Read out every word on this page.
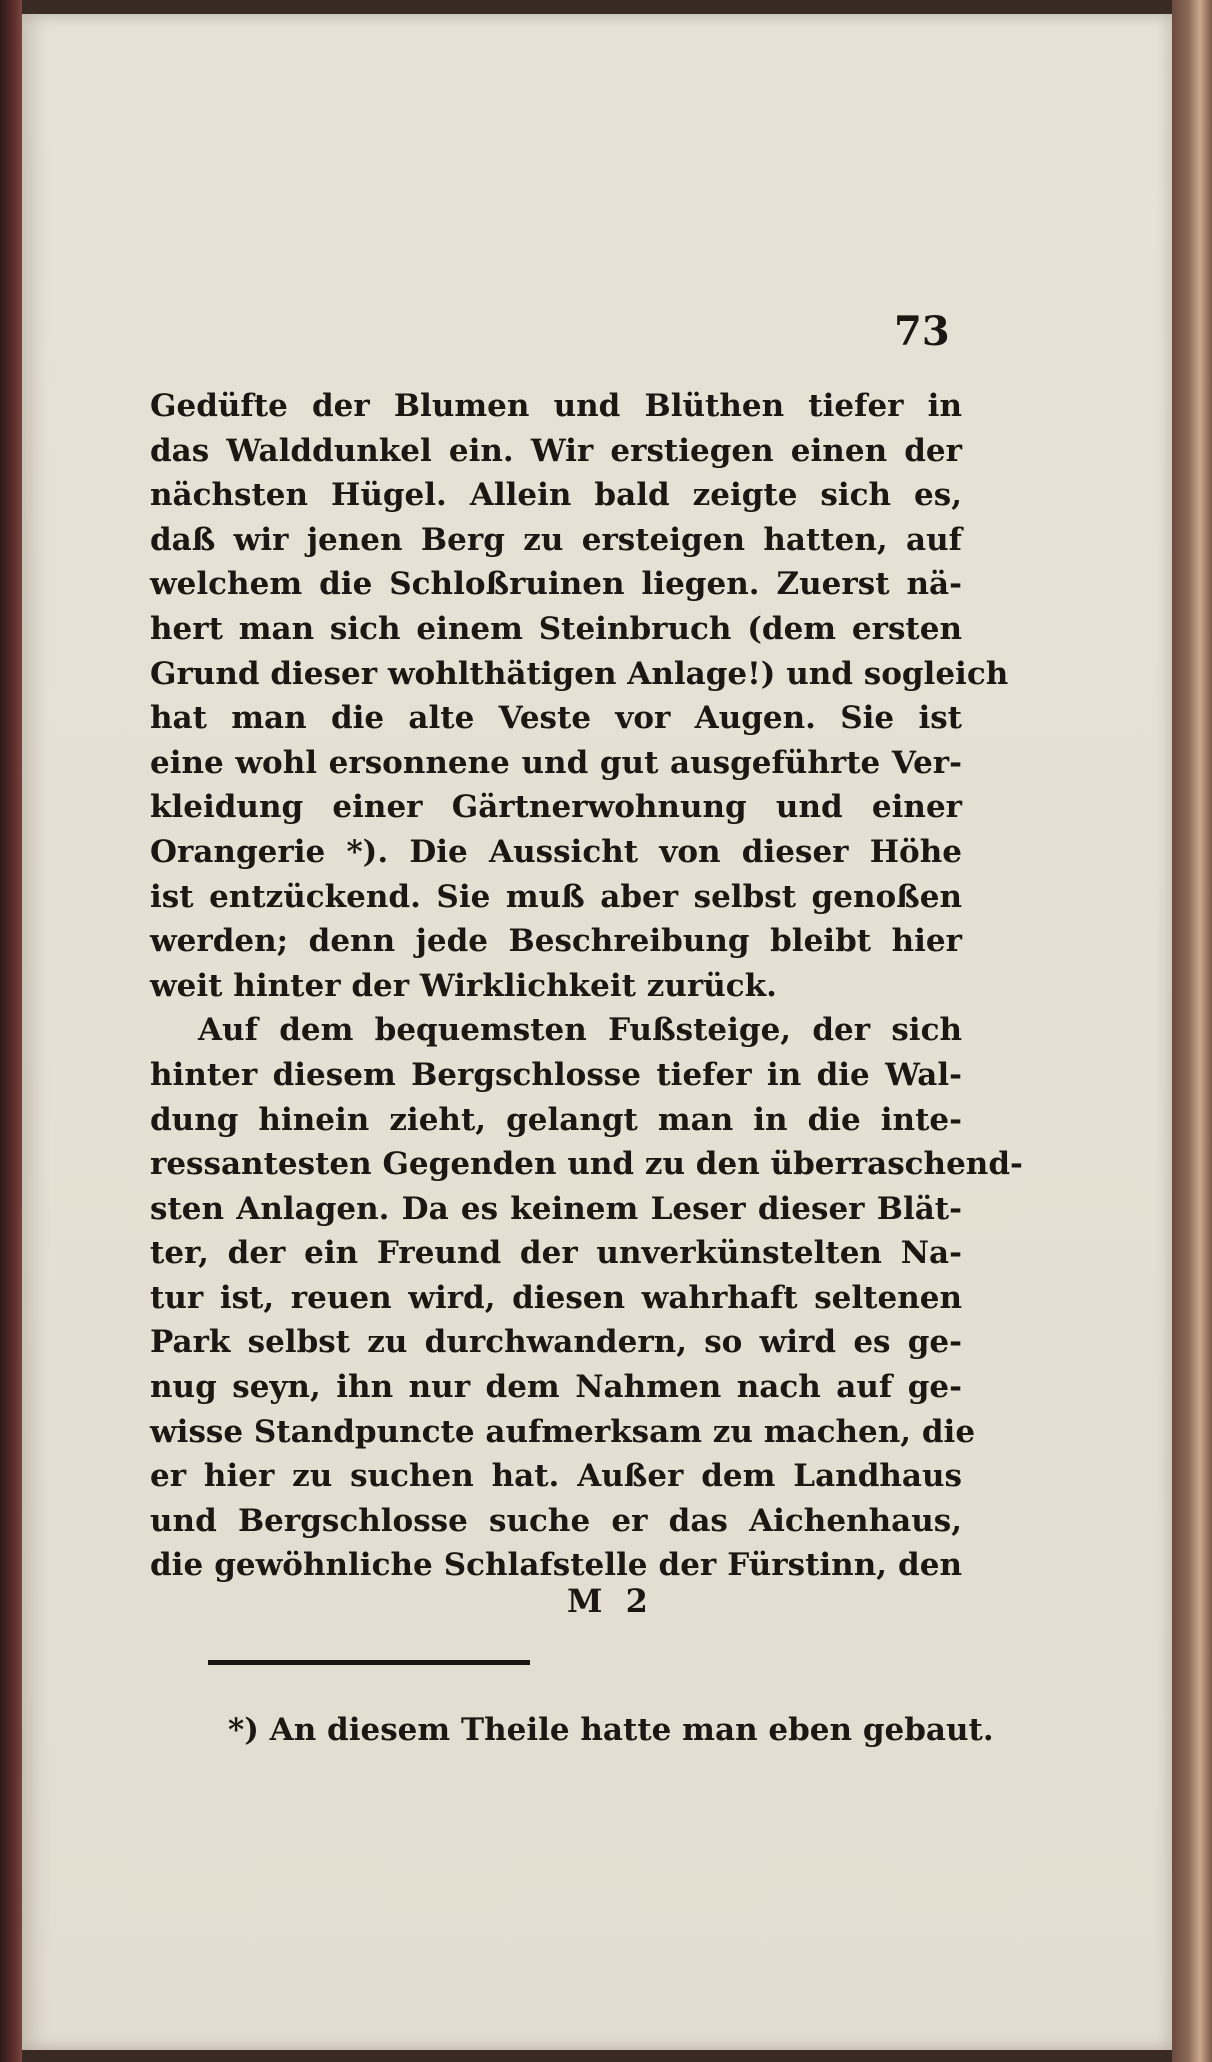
73
Gedüfte der Blumen und Blüthen tiefer in
das Walddunkel ein. Wir erstiegen einen der
nächsten Hügel. Allein bald zeigte sich es,
daß wir jenen Berg zu ersteigen hatten, auf
welchem die Schloßruinen liegen. Zuerst nä-
hert man sich einem Steinbruch (dem ersten
Grund dieser wohlthätigen Anlage!) und sogleich
hat man die alte Veste vor Augen. Sie ist
eine wohl ersonnene und gut ausgeführte Ver-
kleidung einer Gärtnerwohnung und einer
Orangerie *). Die Aussicht von dieser Höhe
ist entzückend. Sie muß aber selbst genoßen
werden; denn jede Beschreibung bleibt hier
weit hinter der Wirklichkeit zurück.
Auf dem bequemsten Fußsteige, der sich
hinter diesem Bergschlosse tiefer in die Wal-
dung hinein zieht, gelangt man in die inte-
ressantesten Gegenden und zu den überraschend-
sten Anlagen. Da es keinem Leser dieser Blät-
ter, der ein Freund der unverkünstelten Na-
tur ist, reuen wird, diesen wahrhaft seltenen
Park selbst zu durchwandern, so wird es ge-
nug seyn, ihn nur dem Nahmen nach auf ge-
wisse Standpuncte aufmerksam zu machen, die
er hier zu suchen hat. Außer dem Landhaus
und Bergschlosse suche er das Aichenhaus,
die gewöhnliche Schlafstelle der Fürstinn, den
M 2
*) An diesem Theile hatte man eben gebaut.
